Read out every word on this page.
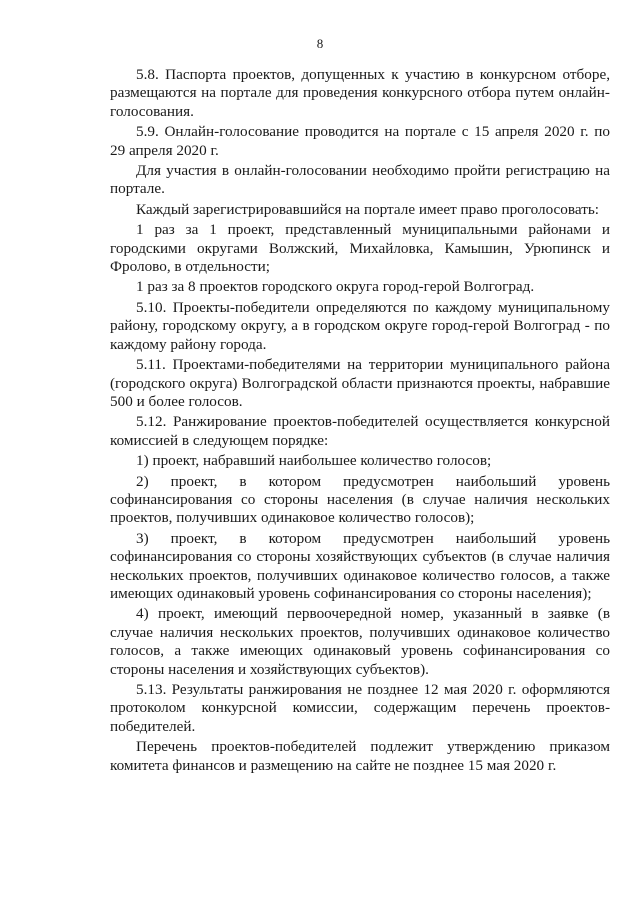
8

5.8. Паспорта проектов, допущенных к участию в конкурсном отборе, размещаются на портале для проведения конкурсного отбора путем онлайн-голосования.

5.9. Онлайн-голосование проводится на портале с 15 апреля 2020 г. по 29 апреля 2020 г.

Для участия в онлайн-голосовании необходимо пройти регистрацию на портале.

Каждый зарегистрировавшийся на портале имеет право проголосовать:

1 раз за 1 проект, представленный муниципальными районами и городскими округами Волжский, Михайловка, Камышин, Урюпинск и Фролово, в отдельности;

1 раз за 8 проектов городского округа город-герой Волгоград.

5.10. Проекты-победители определяются по каждому муниципальному району, городскому округу, а в городском округе город-герой Волгоград - по каждому району города.

5.11. Проектами-победителями на территории муниципального района (городского округа) Волгоградской области признаются проекты, набравшие 500 и более голосов.

5.12. Ранжирование проектов-победителей осуществляется конкурсной комиссией в следующем порядке:

1) проект, набравший наибольшее количество голосов;

2) проект, в котором предусмотрен наибольший уровень софинансирования со стороны населения (в случае наличия нескольких проектов, получивших одинаковое количество голосов);

3) проект, в котором предусмотрен наибольший уровень софинансирования со стороны хозяйствующих субъектов (в случае наличия нескольких проектов, получивших одинаковое количество голосов, а также имеющих одинаковый уровень софинансирования со стороны населения);

4) проект, имеющий первоочередной номер, указанный в заявке (в случае наличия нескольких проектов, получивших одинаковое количество голосов, а также имеющих одинаковый уровень софинансирования со стороны населения и хозяйствующих субъектов).

5.13. Результаты ранжирования не позднее 12 мая 2020 г. оформляются протоколом конкурсной комиссии, содержащим перечень проектов-победителей.

Перечень проектов-победителей подлежит утверждению приказом комитета финансов и размещению на сайте не позднее 15 мая 2020 г.
